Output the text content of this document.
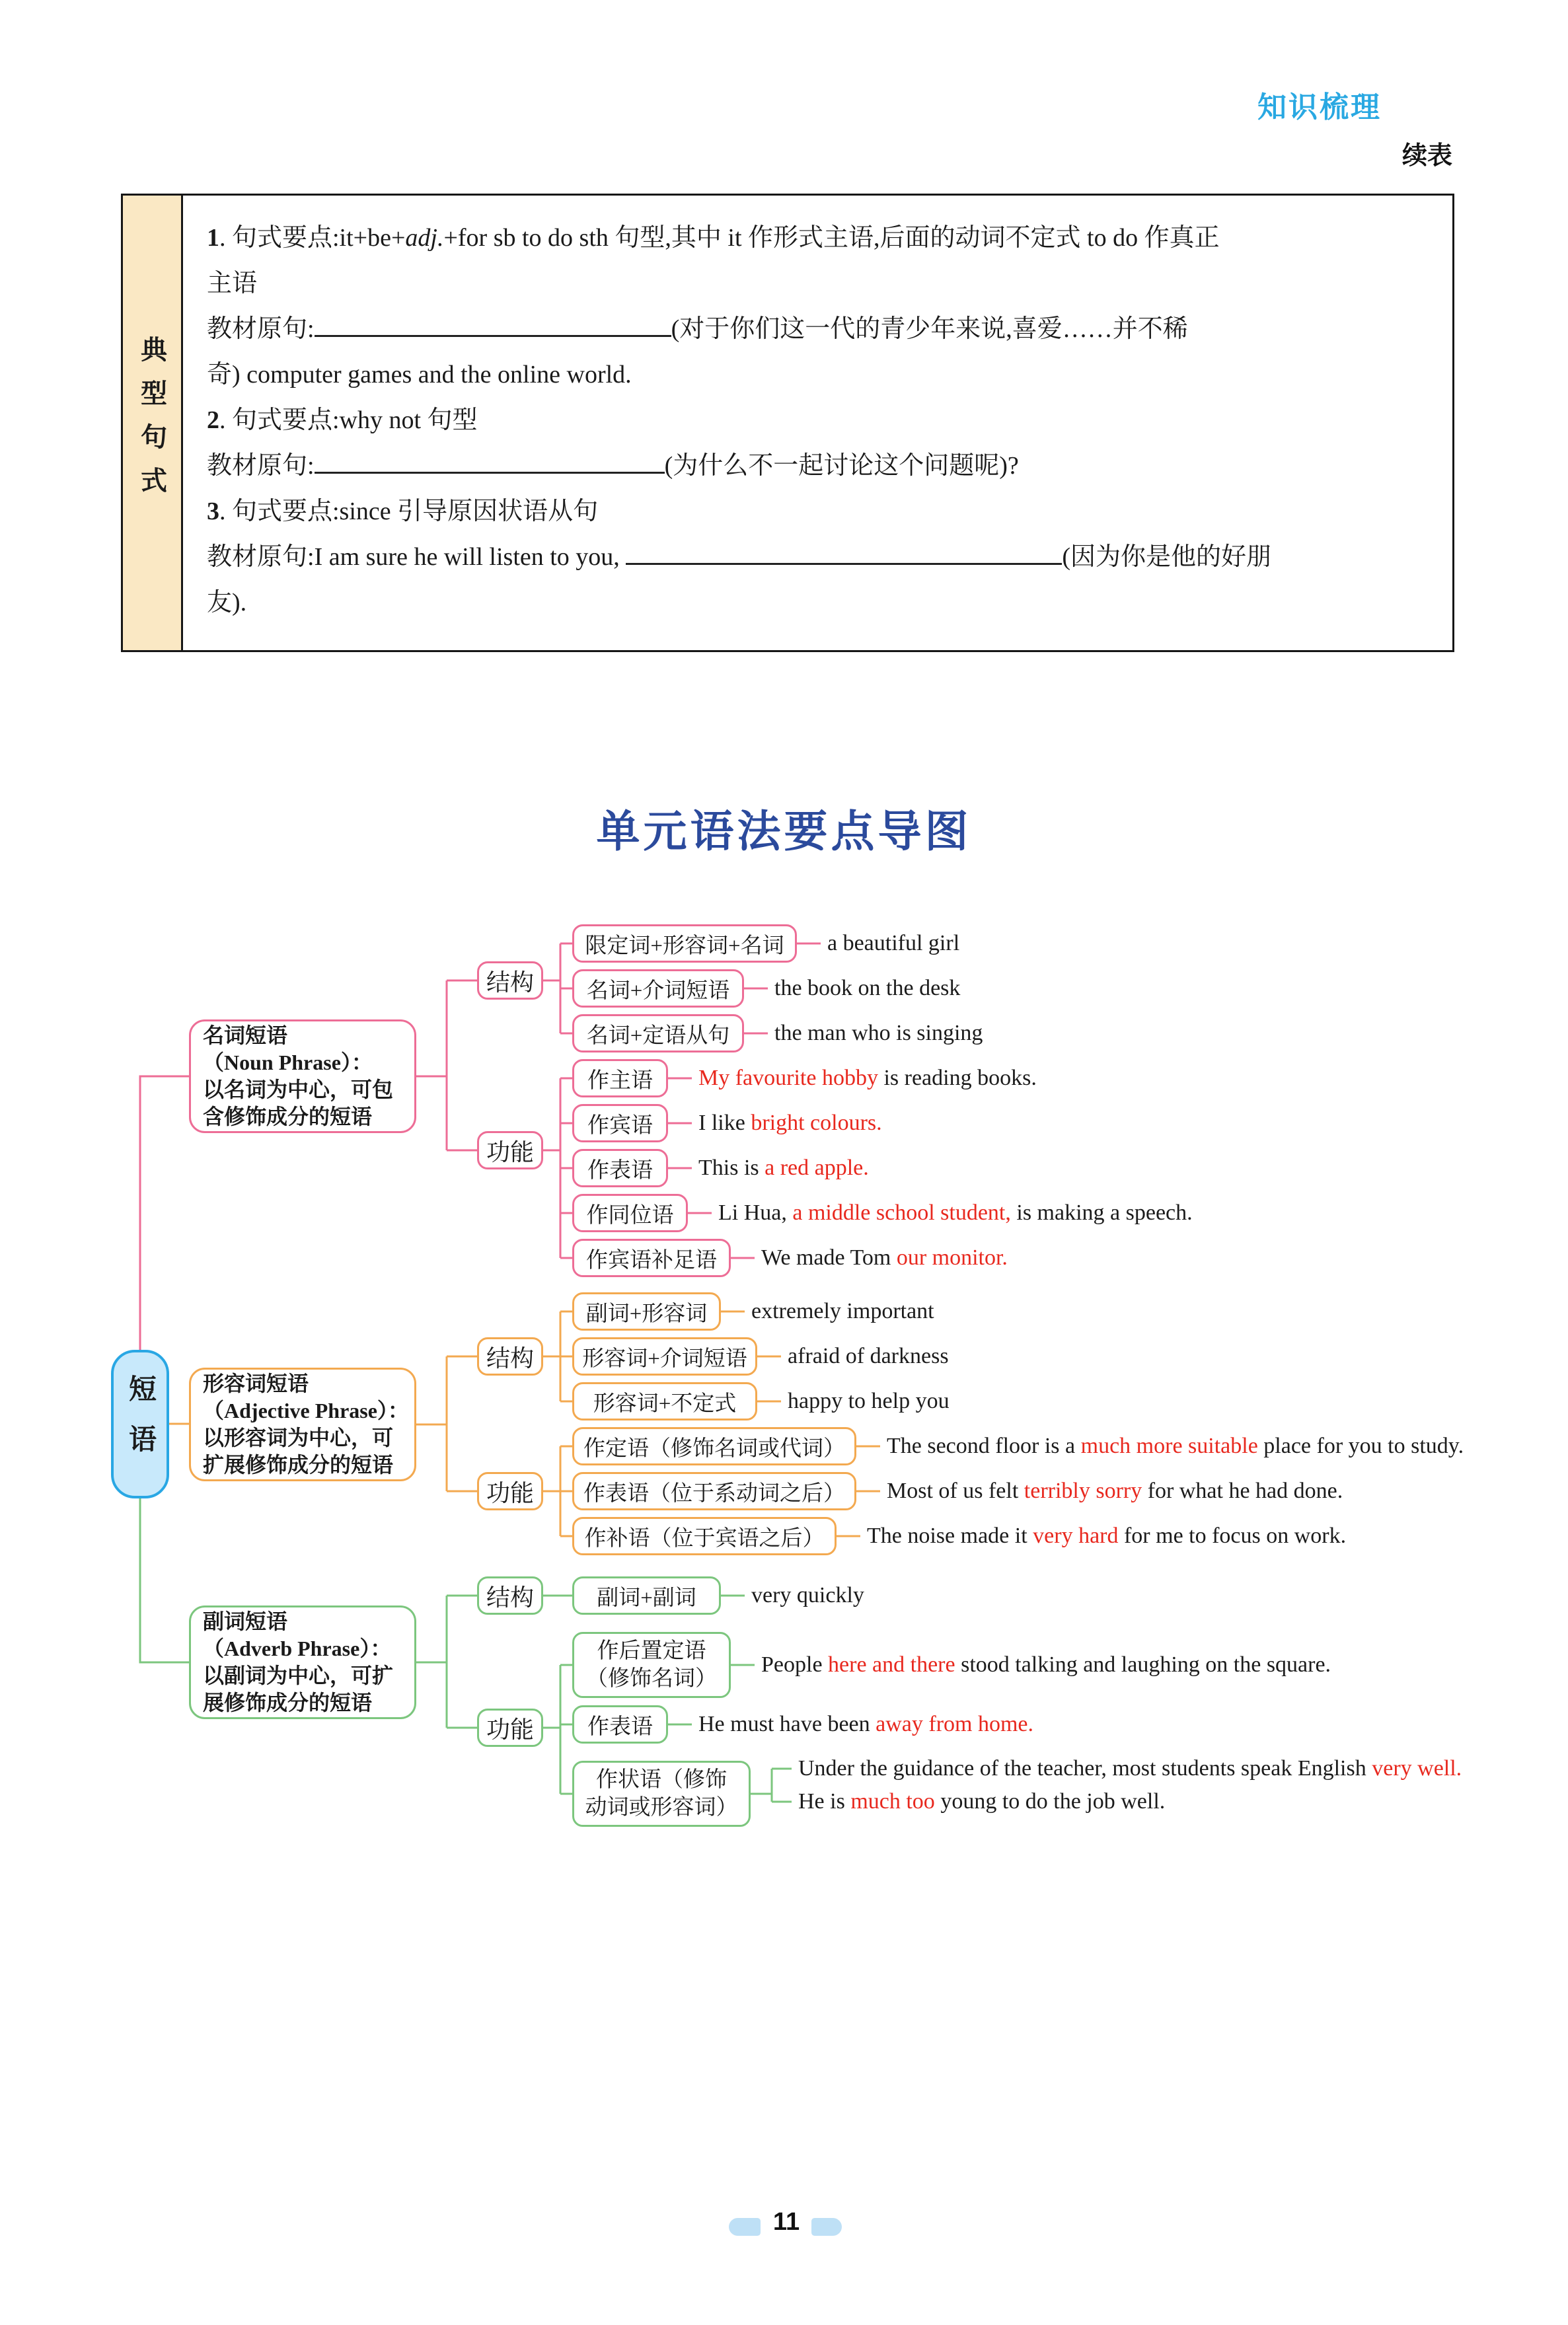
知识梳理
续表
典型句式

1. 句式要点:it+be+adj.+for sb to do sth 句型,其中 it 作形式主语,后面的动词不定式 to do 作真正

主语

教材原句:	(对于你们这一代的青少年来说,喜爱……并不稀

奇) computer games and the online world.

2. 句式要点:why not 句型

教材原句:	(为什么不一起讨论这个问题呢)?

3. 句式要点:since 引导原因状语从句

教材原句:I am sure he will listen to you,	(因为你是他的好朋

友).

单元语法要点导图
短语
名词短语
（Noun Phrase）：
以名词为中心，可包
含修饰成分的短语
结构
功能
限定词+形容词+名词
名词+介词短语
名词+定语从句
作主语
作宾语
作表语
作同位语
作宾语补足语
a beautiful girl
the book on the desk
the man who is singing
My favourite hobby is reading books.
I like bright colours.
This is a red apple.
Li Hua, a middle school student, is making a speech.
We made Tom our monitor.
形容词短语
（Adjective Phrase）：
以形容词为中心，可
扩展修饰成分的短语
结构
功能
副词+形容词
形容词+介词短语
形容词+不定式
作定语（修饰名词或代词）
作表语（位于系动词之后）
作补语（位于宾语之后）
extremely important
afraid of darkness
happy to help you
The second floor is a much more suitable place for you to study.
Most of us felt terribly sorry for what he had done.
The noise made it very hard for me to focus on work.
副词短语
（Adverb Phrase）：
以副词为中心，可扩
展修饰成分的短语
结构
功能
副词+副词
作后置定语
（修饰名词）
作表语
作状语（修饰
动词或形容词）
very quickly
People here and there stood talking and laughing on the square.
He must have been away from home.
Under the guidance of the teacher, most students speak English very well.
He is much too young to do the job well.
11
